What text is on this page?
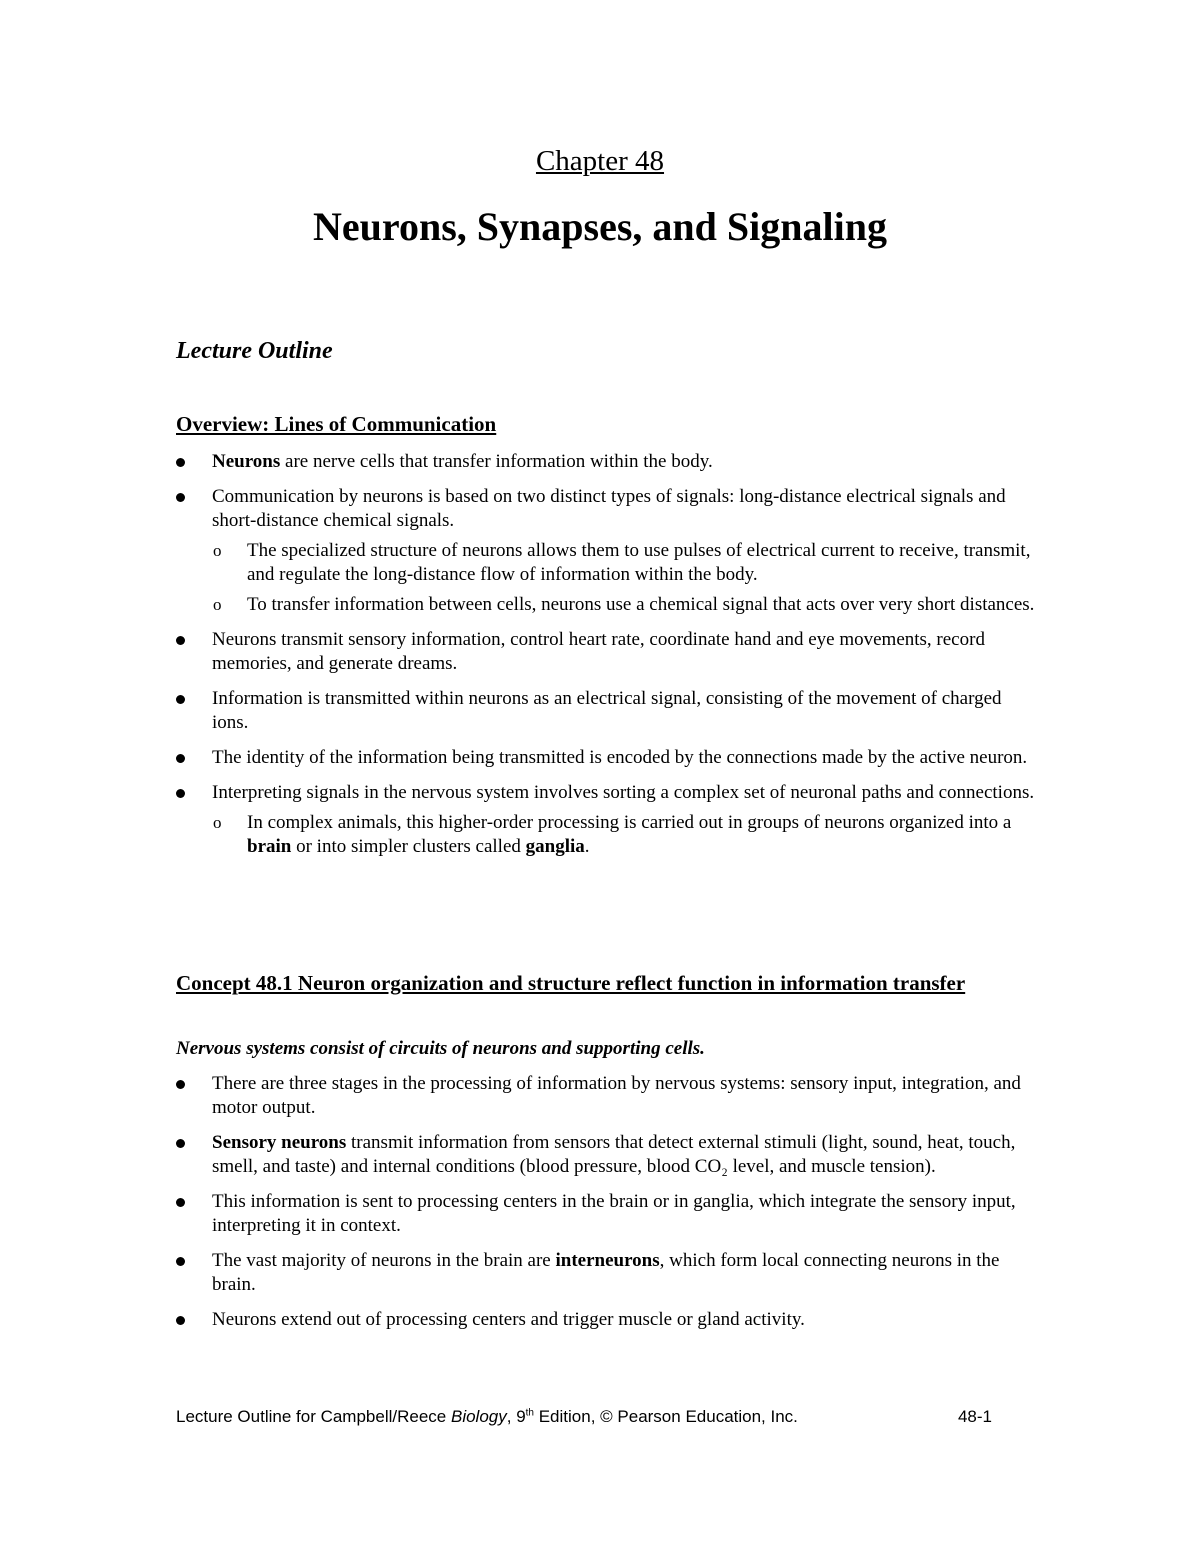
Chapter 48
Neurons, Synapses, and Signaling
Lecture Outline
Overview: Lines of Communication
Neurons are nerve cells that transfer information within the body.
Communication by neurons is based on two distinct types of signals: long-distance electrical signals and short-distance chemical signals.
o The specialized structure of neurons allows them to use pulses of electrical current to receive, transmit, and regulate the long-distance flow of information within the body.
o To transfer information between cells, neurons use a chemical signal that acts over very short distances.
Neurons transmit sensory information, control heart rate, coordinate hand and eye movements, record memories, and generate dreams.
Information is transmitted within neurons as an electrical signal, consisting of the movement of charged ions.
The identity of the information being transmitted is encoded by the connections made by the active neuron.
Interpreting signals in the nervous system involves sorting a complex set of neuronal paths and connections.
o In complex animals, this higher-order processing is carried out in groups of neurons organized into a brain or into simpler clusters called ganglia.
Concept 48.1 Neuron organization and structure reflect function in information transfer
Nervous systems consist of circuits of neurons and supporting cells.
There are three stages in the processing of information by nervous systems: sensory input, integration, and motor output.
Sensory neurons transmit information from sensors that detect external stimuli (light, sound, heat, touch, smell, and taste) and internal conditions (blood pressure, blood CO₂ level, and muscle tension).
This information is sent to processing centers in the brain or in ganglia, which integrate the sensory input, interpreting it in context.
The vast majority of neurons in the brain are interneurons, which form local connecting neurons in the brain.
Neurons extend out of processing centers and trigger muscle or gland activity.
Lecture Outline for Campbell/Reece Biology, 9th Edition, © Pearson Education, Inc.	48-1
